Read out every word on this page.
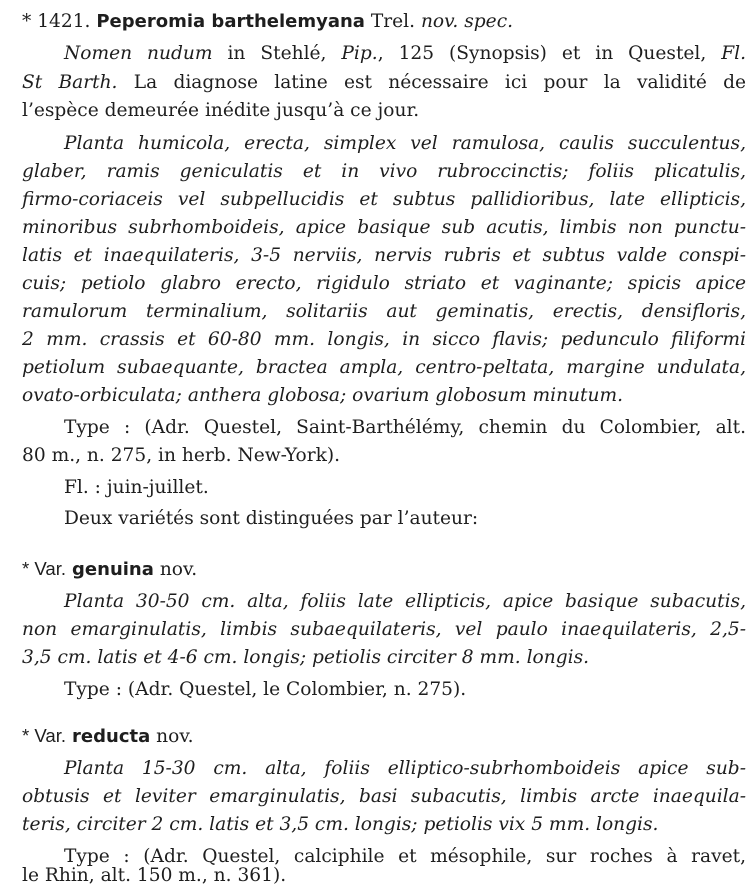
* 1421. Peperomia barthelemyana Trel. nov. spec.
Nomen nudum in Stehlé, Pip., 125 (Synopsis) et in Questel, Fl.
St Barth. La diagnose latine est nécessaire ici pour la validité de
l’espèce demeurée inédite jusqu’à ce jour.
Planta humicola, erecta, simplex vel ramulosa, caulis succulentus,
glaber, ramis geniculatis et in vivo rubroccinctis; foliis plicatulis,
firmo-coriaceis vel subpellucidis et subtus pallidioribus, late ellipticis,
minoribus subrhomboideis, apice basique sub acutis, limbis non punctu-
latis et inaequilateris, 3-5 nerviis, nervis rubris et subtus valde conspi-
cuis; petiolo glabro erecto, rigidulo striato et vaginante; spicis apice
ramulorum terminalium, solitariis aut geminatis, erectis, densifloris,
2 mm. crassis et 60-80 mm. longis, in sicco flavis; pedunculo filiformi
petiolum subaequante, bractea ampla, centro-peltata, margine undulata,
ovato-orbiculata; anthera globosa; ovarium globosum minutum.
Type : (Adr. Questel, Saint-Barthélémy, chemin du Colombier, alt.
80 m., n. 275, in herb. New-York).
Fl. : juin-juillet.
Deux variétés sont distinguées par l’auteur:
* Var. genuina nov.
Planta 30-50 cm. alta, foliis late ellipticis, apice basique subacutis,
non emarginulatis, limbis subaequilateris, vel paulo inaequilateris, 2,5-
3,5 cm. latis et 4-6 cm. longis; petiolis circiter 8 mm. longis.
Type : (Adr. Questel, le Colombier, n. 275).
* Var. reducta nov.
Planta 15-30 cm. alta, foliis elliptico-subrhomboideis apice sub-
obtusis et leviter emarginulatis, basi subacutis, limbis arcte inaequila-
teris, circiter 2 cm. latis et 3,5 cm. longis; petiolis vix 5 mm. longis.
Type : (Adr. Questel, calciphile et mésophile, sur roches à ravet,
le Rhin, alt. 150 m., n. 361).
